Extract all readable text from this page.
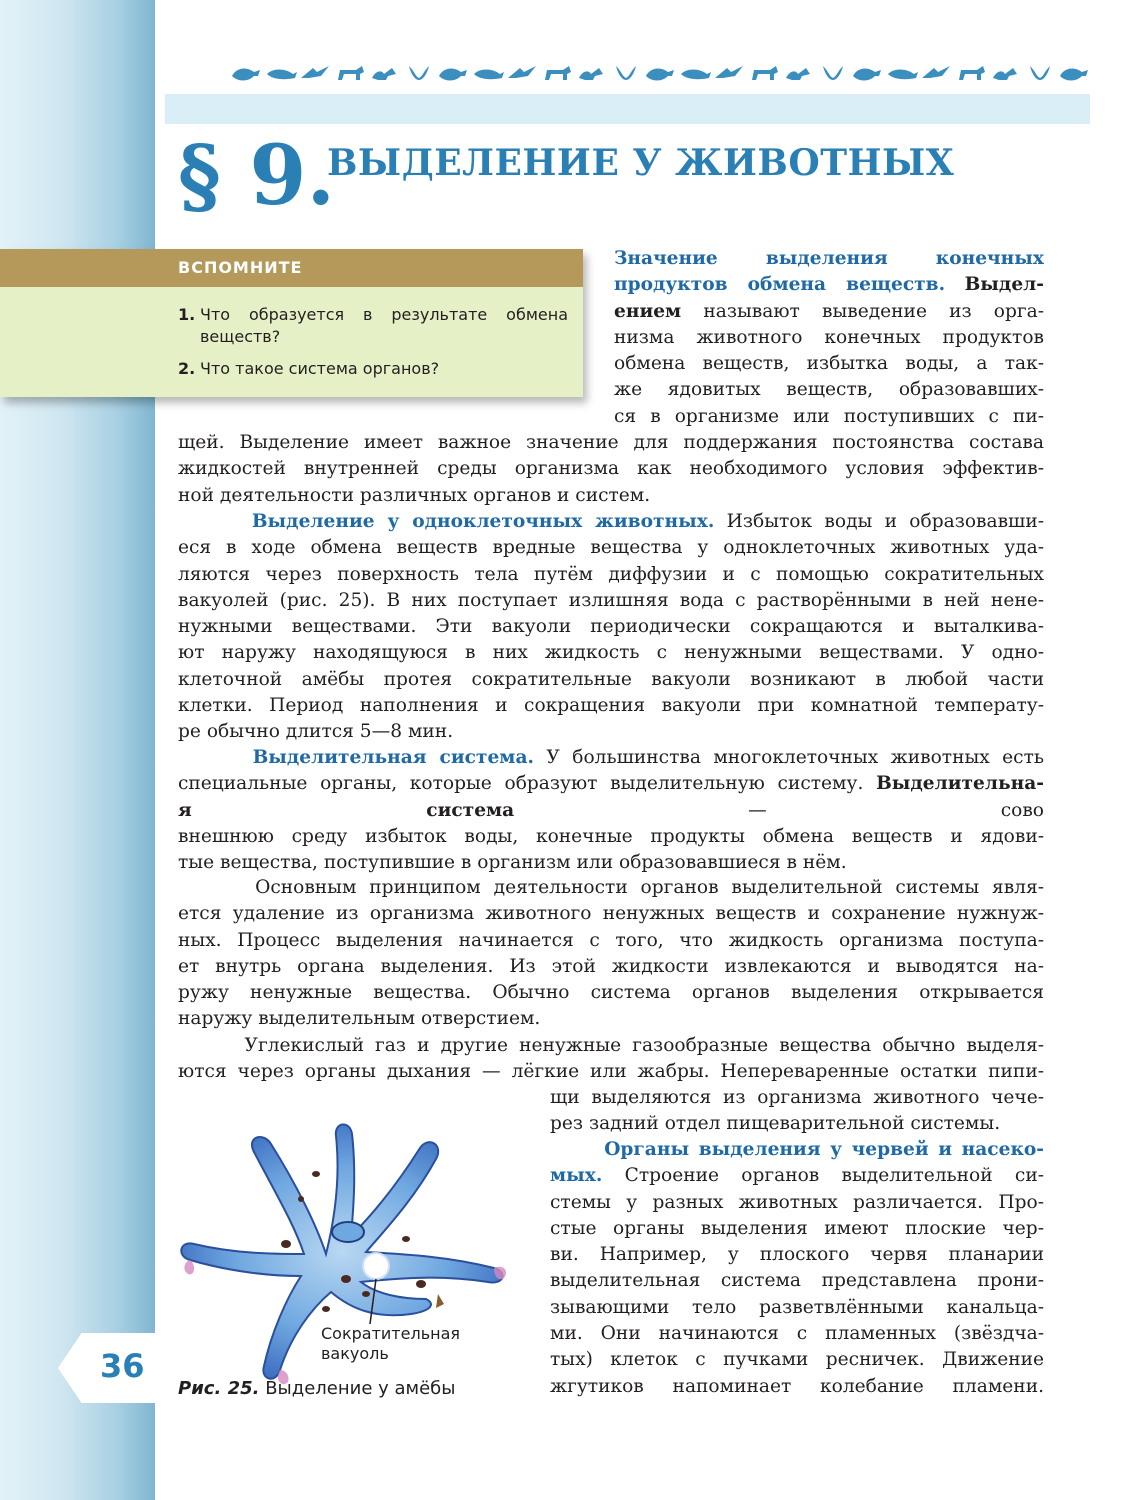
§ 9.
ВЫДЕЛЕНИЕ У ЖИВОТНЫХ
ВСПОМНИТЕ
1. Что образуется в результате обмена веществ?
2. Что такое система органов?
Значение выделения конечных
продуктов обмена веществ. Выдел-
ением называют выведение из орга-
низма животного конечных продуктов
обмена веществ, избытка воды, а так-
же ядовитых веществ, образовавших-
ся в организме или поступивших с пи-
щей. Выделение имеет важное значение для поддержания постоянства состава
жидкостей внутренней среды организма как необходимого условия эффектив-
ной деятельности различных органов и систем.
Выделение у одноклеточных животных. Избыток воды и образовавши-
еся в ходе обмена веществ вредные вещества у одноклеточных животных уда-
ляются через поверхность тела путём диффузии и с помощью сократительных
вакуолей (рис. 25). В них поступает излишняя вода с растворёнными в ней нене-
нужными веществами. Эти вакуоли периодически сокращаются и выталкива-
ют наружу находящуюся в них жидкость с ненужными веществами. У одно-
клеточной амёбы протея сократительные вакуоли возникают в любой части
клетки. Период наполнения и сокращения вакуоли при комнатной температу-
ре обычно длится 5—8 мин.
Выделительная система. У большинства многоклеточных животных есть
специальные органы, которые образуют выделительную систему. Выделительна-
я система — сово
внешнюю среду избыток воды, конечные продукты обмена веществ и ядови-
тые вещества, поступившие в организм или образовавшиеся в нём.
Основным принципом деятельности органов выделительной системы явля-
ется удаление из организма животного ненужных веществ и сохранение нужнуж-
ных. Процесс выделения начинается с того, что жидкость организма поступа-
ет внутрь органа выделения. Из этой жидкости извлекаются и выводятся на-
ружу ненужные вещества. Обычно система органов выделения открывается
наружу выделительным отверстием.
Углекислый газ и другие ненужные газообразные вещества обычно выделя-
ются через органы дыхания — лёгкие или жабры. Непереваренные остатки пипи-
щи выделяются из организма животного чече-
рез задний отдел пищеварительной системы.
Органы выделения у червей и насеко-
мых. Строение органов выделительной си-
стемы у разных животных различается. Про-
стые органы выделения имеют плоские чер-
ви. Например, у плоского червя планарии
выделительная система представлена прони-
зывающими тело разветвлёнными канальца-
ми. Они начинаются с пламенных (звёздча-
тых) клеток с пучками ресничек. Движение
жгутиков напоминает колебание пламени.
Сократительная
вакуоль
Рис. 25. Выделение у амёбы
36
